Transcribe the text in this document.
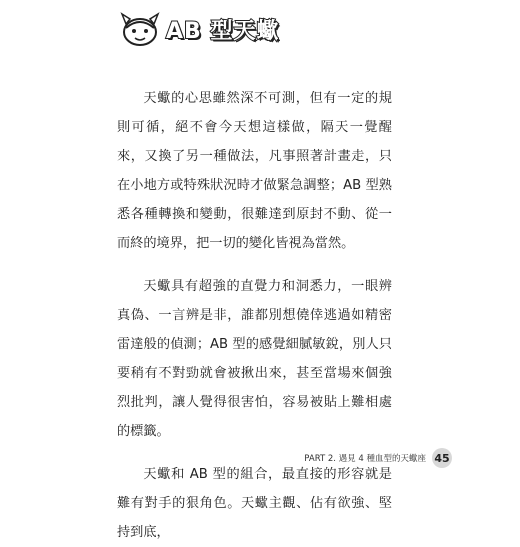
AB 型天蠍

天蠍的心思雖然深不可測，但有一定的規則可循，絕不會今天想這樣做，隔天一覺醒來，又換了另一種做法，凡事照著計畫走，只在小地方或特殊狀況時才做緊急調整；AB 型熟悉各種轉換和變動，很難達到原封不動、從一而終的境界，把一切的變化皆視為當然。

天蠍具有超強的直覺力和洞悉力，一眼辨真偽、一言辨是非，誰都別想僥倖逃過如精密雷達般的偵測；AB 型的感覺細膩敏銳，別人只要稍有不對勁就會被揪出來，甚至當場來個強烈批判，讓人覺得很害怕，容易被貼上難相處的標籤。

天蠍和 AB 型的組合，最直接的形容就是難有對手的狠角色。天蠍主觀、佔有欲強、堅持到底，

PART 2. 遇見 4 種血型的天蠍座 45
